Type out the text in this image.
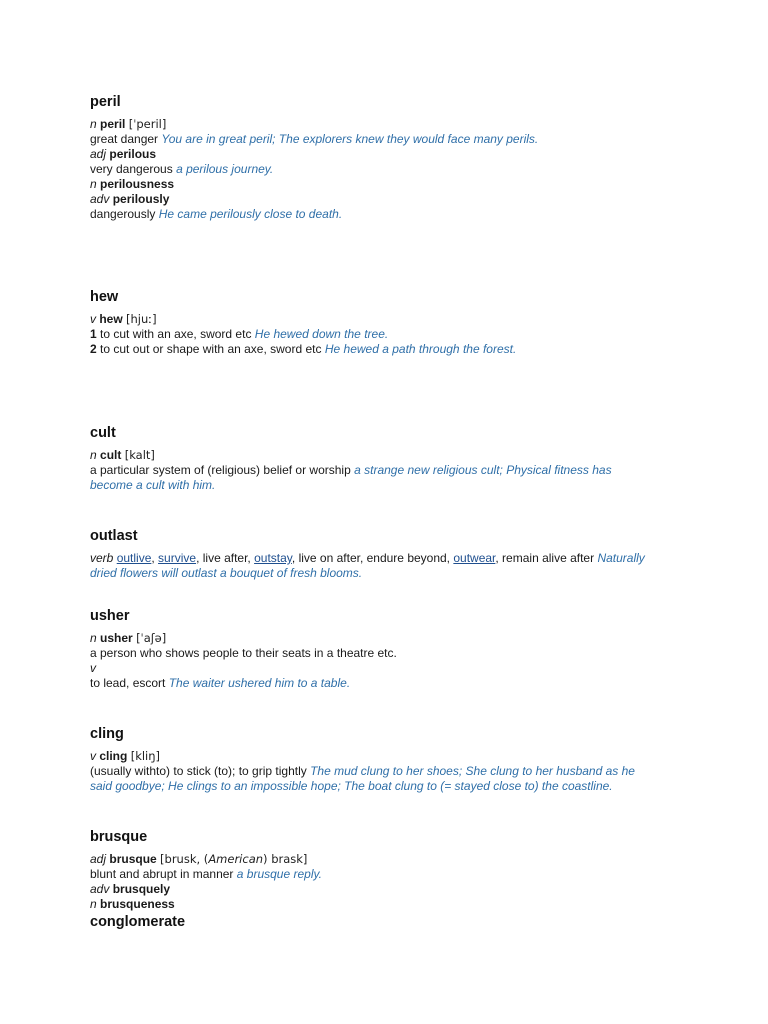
peril

n peril [ˈperil]

great danger You are in great peril; The explorers knew they would face many perils.

adj perilous

very dangerous a perilous journey.

n perilousness

adv perilously

dangerously He came perilously close to death.

hew

v hew [hjuː]

1 to cut with an axe, sword etc He hewed down the tree.

2 to cut out or shape with an axe, sword etc He hewed a path through the forest.

cult

n cult [kalt]

a particular system of (religious) belief or worship a strange new religious cult; Physical fitness has

become a cult with him.

outlast

verb outlive, survive, live after, outstay, live on after, endure beyond, outwear, remain alive after Naturally

dried flowers will outlast a bouquet of fresh blooms.

usher

n usher [ˈaʃə]

a person who shows people to their seats in a theatre etc.

v

to lead, escort The waiter ushered him to a table.

cling

v cling [kliŋ]

(usually withto) to stick (to); to grip tightly The mud clung to her shoes; She clung to her husband as he

said goodbye; He clings to an impossible hope; The boat clung to (= stayed close to) the coastline.

brusque

adj brusque [brusk, (American) brask]

blunt and abrupt in manner a brusque reply.

adv brusquely

n brusqueness

conglomerate
